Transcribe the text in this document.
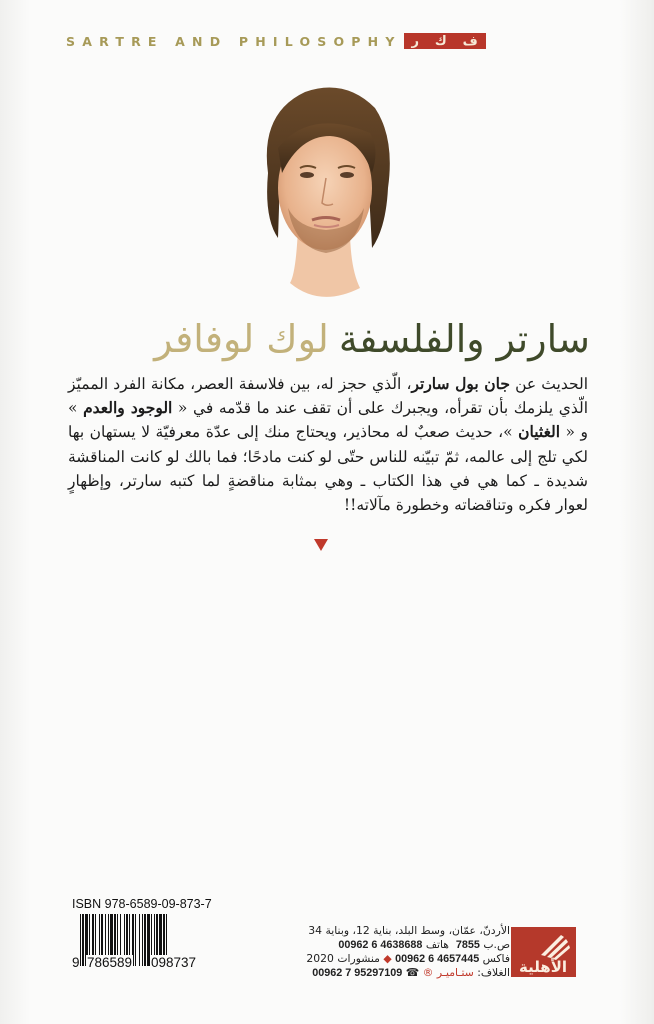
SARTRE AND PHILOSOPHY	ف
ك
ر
سارتر والفلسفةلوك لوفافر
الحديث عن جان بول سارتر، الّذي حجز له، بين فلاسفة العصر، مكانة الفرد المميّز الّذي يلزمك بأن تقرأه، ويجبرك على أن تقف عند ما قدّمه في « الوجود والعدم » و « الغثيان »، حديث صعبٌ له محاذير، ويحتاج منك إلى عدّة معرفيّة لا يستهان بها لكي تلج إلى عالمه، ثمّ تبيّنه للناس حتّى لو كنت مادحًا؛ فما بالك لو كانت المناقشة شديدة ـ كما هي في هذا الكتاب ـ وهي بمثابة مناقضةٍ لما كتبه سارتر، وإظهارٍ لعوار فكره وتناقضاته وخطورة مآلاته!!
ISBN 978-6589-09-873-7
9 786589 098737
الأردنّ، عمّان، وسط البلد، بناية 12، وبناية 34
ص.ب 7855  هاتف 00962 6 4638688
فاكس 00962 6 4657445 ◆ منشورات 2020
الغلاف: ستـاميـر ® ☎ 00962 7 95297109	الأهلية
